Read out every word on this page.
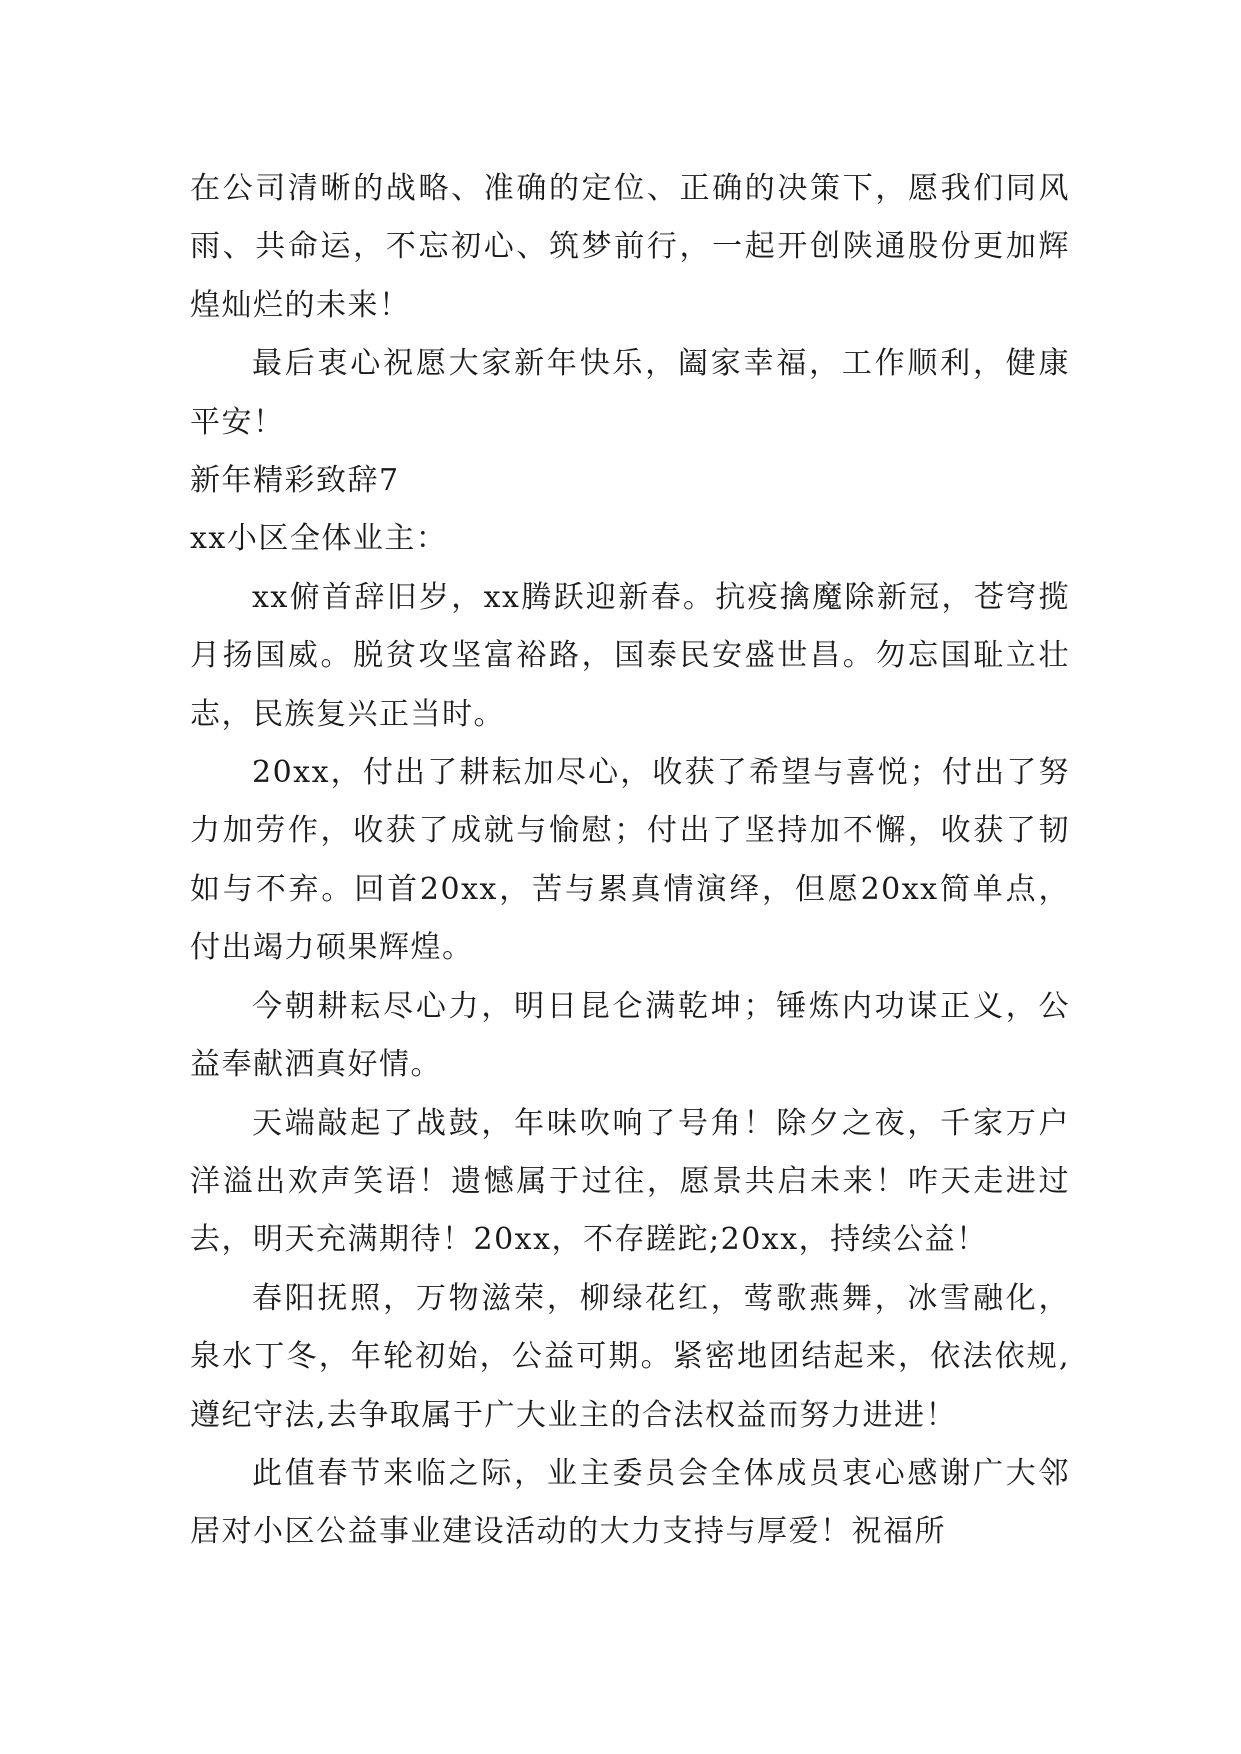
在公司清晰的战略、准确的定位、正确的决策下，愿我们同风雨、共命运，不忘初心、筑梦前行，一起开创陕通股份更加辉煌灿烂的未来！

最后衷心祝愿大家新年快乐，阖家幸福，工作顺利，健康平安！

新年精彩致辞7

xx小区全体业主：

xx俯首辞旧岁，xx腾跃迎新春。抗疫擒魔除新冠，苍穹揽月扬国威。脱贫攻坚富裕路，国泰民安盛世昌。勿忘国耻立壮志，民族复兴正当时。

20xx，付出了耕耘加尽心，收获了希望与喜悦；付出了努力加劳作，收获了成就与愉慰；付出了坚持加不懈，收获了韧如与不弃。回首20xx，苦与累真情演绎，但愿20xx简单点，付出竭力硕果辉煌。

今朝耕耘尽心力，明日昆仑满乾坤；锤炼内功谋正义，公益奉献洒真好情。

天端敲起了战鼓，年味吹响了号角！除夕之夜，千家万户洋溢出欢声笑语！遗憾属于过往，愿景共启未来！咋天走进过去，明天充满期待！20xx，不存蹉跎;20xx，持续公益！

春阳抚照，万物滋荣，柳绿花红，莺歌燕舞，冰雪融化，泉水丁冬，年轮初始，公益可期。紧密地团结起来，依法依规,遵纪守法,去争取属于广大业主的合法权益而努力进进！

此值春节来临之际，业主委员会全体成员衷心感谢广大邻居对小区公益事业建设活动的大力支持与厚爱！祝福所
